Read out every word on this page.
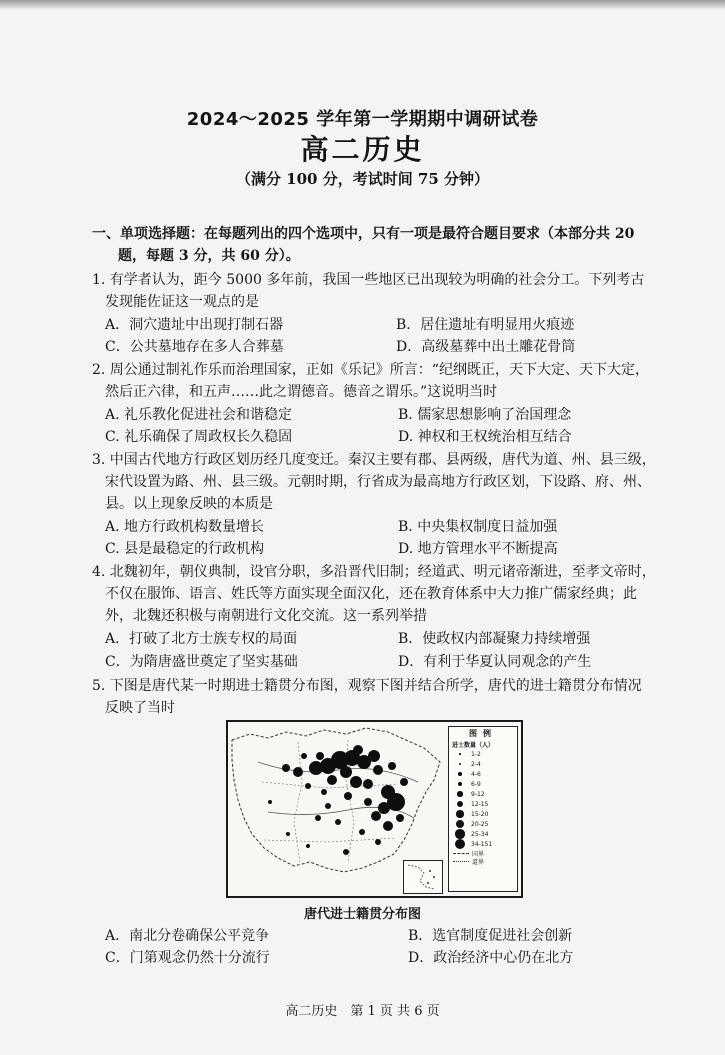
2024～2025 学年第一学期期中调研试卷
高二历史
（满分 100 分，考试时间 75 分钟）
一、单项选择题：在每题列出的四个选项中，只有一项是最符合题目要求（本部分共 20
题，每题 3 分，共 60 分）。
1. 有学者认为，距今 5000 多年前，我国一些地区已出现较为明确的社会分工。下列考古
发现能佐证这一观点的是
A．洞穴遗址中出现打制石器	B．居住遗址有明显用火痕迹
C．公共墓地存在多人合葬墓	D．高级墓葬中出土雕花骨筒
2. 周公通过制礼作乐而治理国家，正如《乐记》所言：“纪纲既正，天下大定、天下大定，
然后正六律，和五声……此之谓德音。德音之谓乐。”这说明当时
A. 礼乐教化促进社会和谐稳定	B. 儒家思想影响了治国理念
C. 礼乐确保了周政权长久稳固	D. 神权和王权统治相互结合
3. 中国古代地方行政区划历经几度变迁。秦汉主要有郡、县两级，唐代为道、州、县三级，
宋代设置为路、州、县三级。元朝时期，行省成为最高地方行政区划，下设路、府、州、
县。以上现象反映的本质是
A. 地方行政机构数量增长	B. 中央集权制度日益加强
C. 县是最稳定的行政机构	D. 地方管理水平不断提高
4. 北魏初年，朝仪典制，设官分职，多沿晋代旧制；经道武、明元诸帝渐进，至孝文帝时，
不仅在服饰、语言、姓氏等方面实现全面汉化，还在教育体系中大力推广儒家经典；此
外，北魏还积极与南朝进行文化交流。这一系列举措
A．打破了北方士族专权的局面	B．使政权内部凝聚力持续增强
C．为隋唐盛世奠定了坚实基础	D．有利于华夏认同观念的产生
5. 下图是唐代某一时期进士籍贯分布图，观察下图并结合所学，唐代的进士籍贯分布情况
反映了当时
图例
进士数量（人）
1-2
2-4
4-6
6-9
9-12
12-15
15-20
20-25
25-34
34-151
国界
道界
唐代进士籍贯分布图
A．南北分卷确保公平竞争	B．选官制度促进社会创新
C．门第观念仍然十分流行	D．政治经济中心仍在北方
高二历史　第 1 页 共 6 页
